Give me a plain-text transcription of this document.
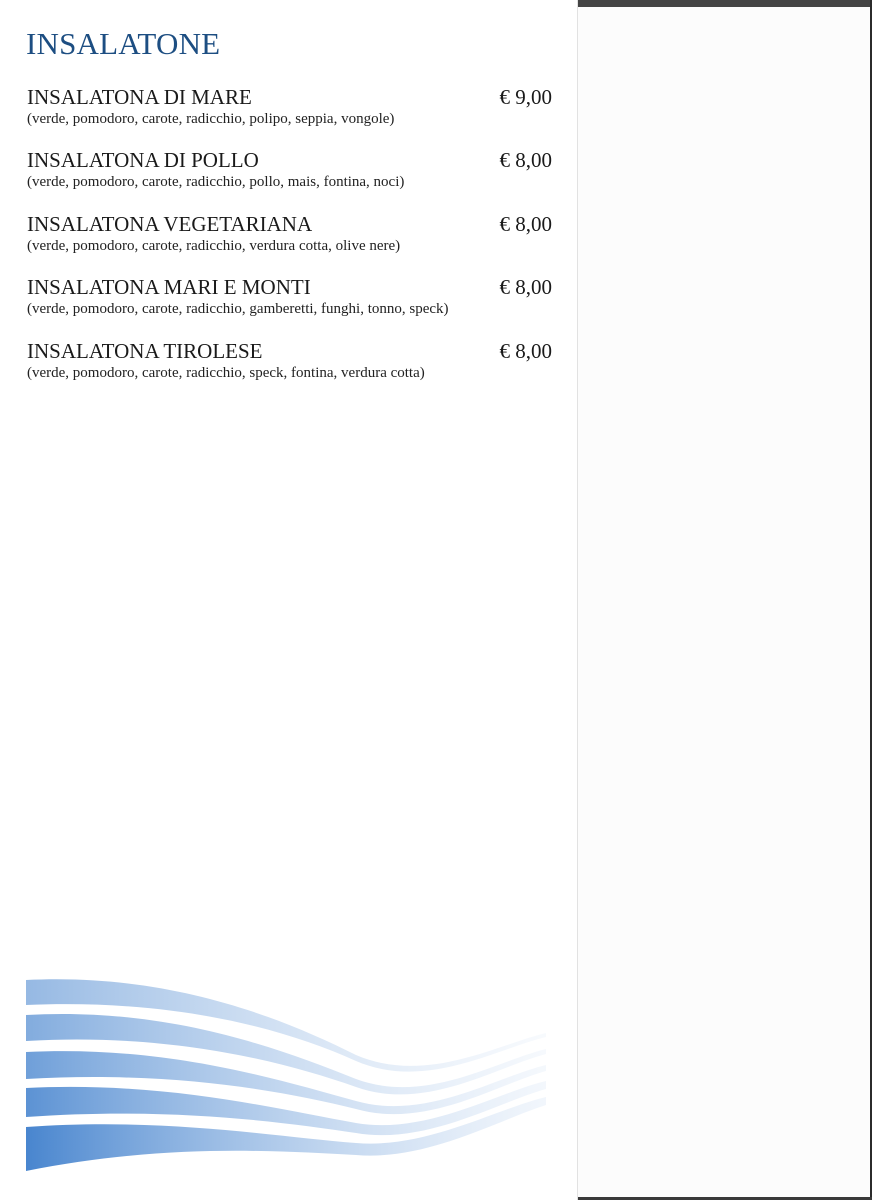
INSALATONE
INSALATONA DI MARE	€ 9,00
(verde, pomodoro, carote, radicchio, polipo, seppia, vongole)
INSALATONA DI POLLO	€ 8,00
(verde, pomodoro, carote, radicchio, pollo, mais, fontina, noci)
INSALATONA VEGETARIANA	€ 8,00
(verde, pomodoro, carote, radicchio, verdura cotta, olive nere)
INSALATONA MARI E MONTI	€ 8,00
(verde, pomodoro, carote, radicchio, gamberetti, funghi, tonno, speck)
INSALATONA TIROLESE	€ 8,00
(verde, pomodoro, carote, radicchio, speck, fontina, verdura cotta)
